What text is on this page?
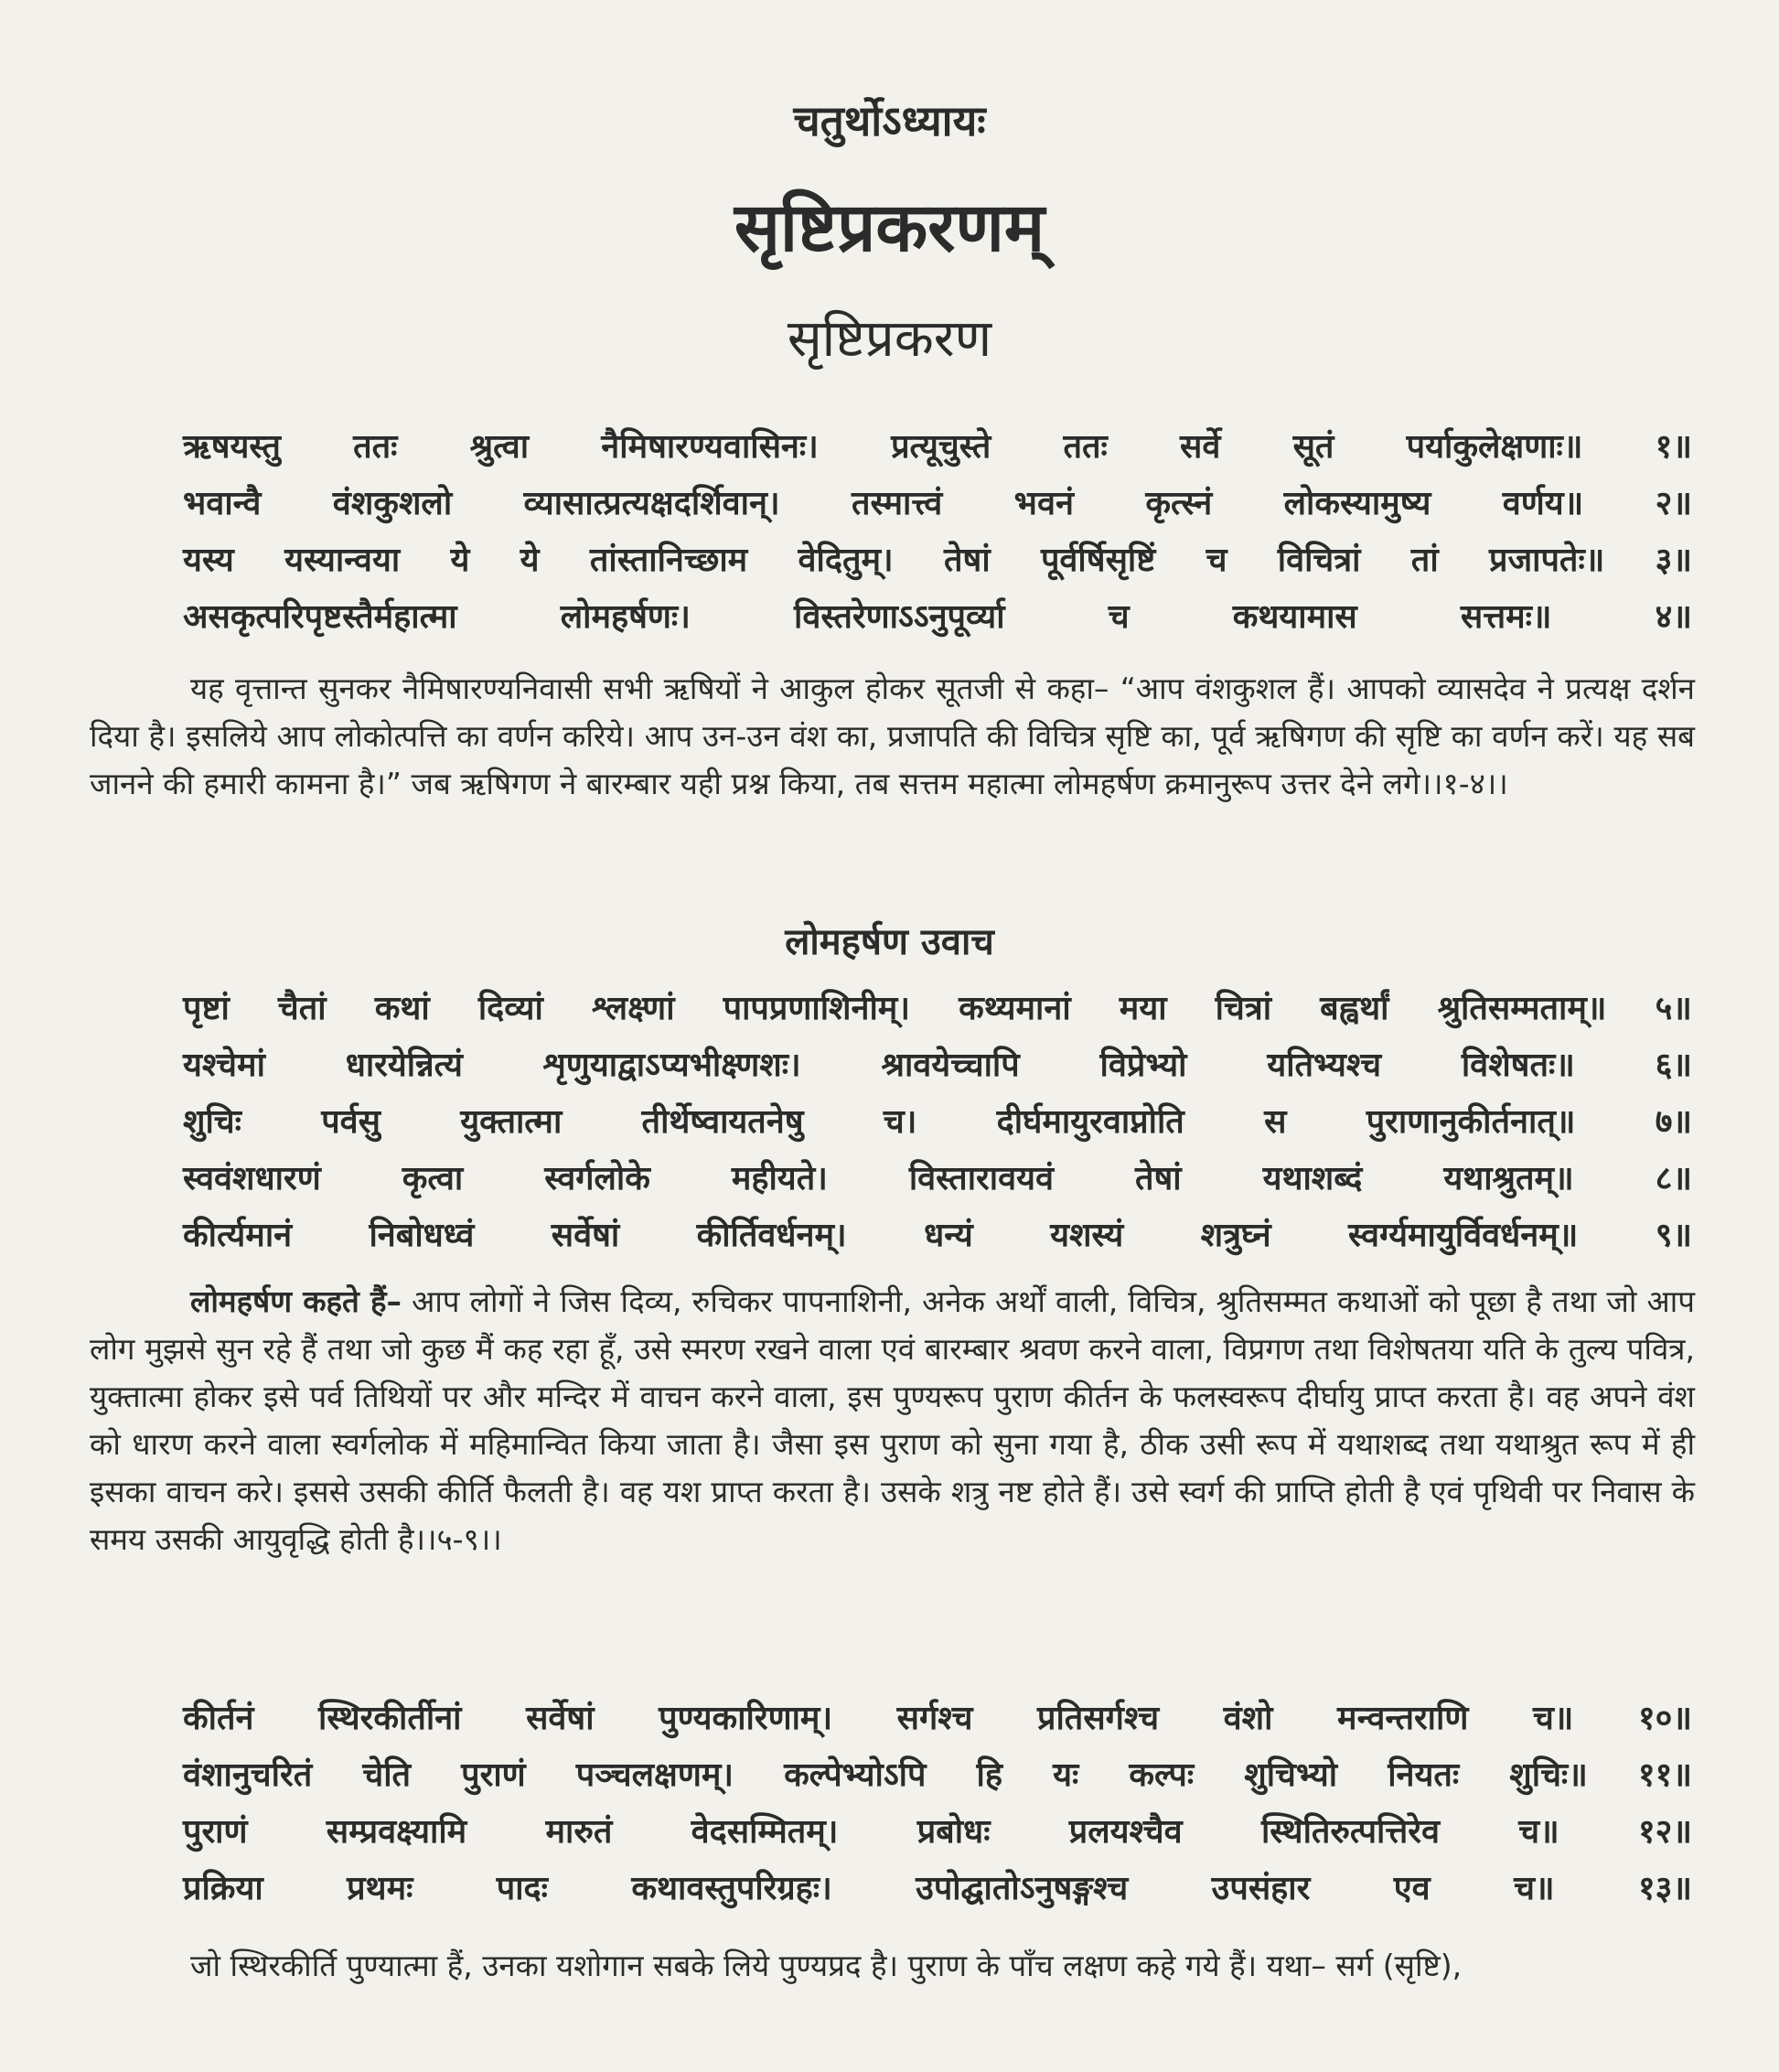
चतुर्थोऽध्यायः
सृष्टिप्रकरणम्
सृष्टिप्रकरण
ऋषयस्तु ततः श्रुत्वा नैमिषारण्यवासिनः। प्रत्यूचुस्ते ततः सर्वे सूतं पर्याकुलेक्षणाः॥ १॥
भवान्वै वंशकुशलो व्यासात्प्रत्यक्षदर्शिवान्। तस्मात्त्वं भवनं कृत्स्नं लोकस्यामुष्य वर्णय॥ २॥
यस्य यस्यान्वया ये ये तांस्तानिच्छाम वेदितुम्। तेषां पूर्वर्षिसृष्टिं च विचित्रां तां प्रजापतेः॥ ३॥
असकृत्परिपृष्टस्तैर्महात्मा	लोमहर्षणः।	विस्तरेणाऽऽनुपूर्व्या	च	कथयामास	सत्तमः॥	४॥

यह वृत्तान्त सुनकर नैमिषारण्यनिवासी सभी ऋषियों ने आकुल होकर सूतजी से कहा– “आप वंशकुशल हैं। आपको व्यासदेव ने प्रत्यक्ष दर्शन दिया है। इसलिये आप लोकोत्पत्ति का वर्णन करिये। आप उन-उन वंश का, प्रजापति की विचित्र सृष्टि का, पूर्व ऋषिगण की सृष्टि का वर्णन करें। यह सब जानने की हमारी कामना है।” जब ऋषिगण ने बारम्बार यही प्रश्न किया, तब सत्तम महात्मा लोमहर्षण क्रमानुरूप उत्तर देने लगे।।१-४।।

लोमहर्षण उवाच
पृष्टां चैतां कथां दिव्यां श्लक्ष्णां पापप्रणाशिनीम्। कथ्यमानां मया चित्रां बह्वर्थां श्रुतिसम्मताम्॥ ५॥
यश्चेमां धारयेन्नित्यं शृणुयाद्वाऽप्यभीक्ष्णशः। श्रावयेच्चापि विप्रेभ्यो यतिभ्यश्च विशेषतः॥ ६॥
शुचिः पर्वसु युक्तात्मा तीर्थेष्वायतनेषु च। दीर्घमायुरवाप्नोति स पुराणानुकीर्तनात्॥ ७॥
स्ववंशधारणं कृत्वा स्वर्गलोके महीयते। विस्तारावयवं तेषां यथाशब्दं यथाश्रुतम्॥ ८॥
कीर्त्यमानं निबोधध्वं सर्वेषां कीर्तिवर्धनम्। धन्यं यशस्यं शत्रुघ्नं स्वर्ग्यमायुर्विवर्धनम्॥ ९॥

लोमहर्षण कहते हैं– आप लोगों ने जिस दिव्य, रुचिकर पापनाशिनी, अनेक अर्थों वाली, विचित्र, श्रुतिसम्मत कथाओं को पूछा है तथा जो आप लोग मुझसे सुन रहे हैं तथा जो कुछ मैं कह रहा हूँ, उसे स्मरण रखने वाला एवं बारम्बार श्रवण करने वाला, विप्रगण तथा विशेषतया यति के तुल्य पवित्र, युक्तात्मा होकर इसे पर्व तिथियों पर और मन्दिर में वाचन करने वाला, इस पुण्यरूप पुराण कीर्तन के फलस्वरूप दीर्घायु प्राप्त करता है। वह अपने वंश को धारण करने वाला स्वर्गलोक में महिमान्वित किया जाता है। जैसा इस पुराण को सुना गया है, ठीक उसी रूप में यथाशब्द तथा यथाश्रुत रूप में ही इसका वाचन करे। इससे उसकी कीर्ति फैलती है। वह यश प्राप्त करता है। उसके शत्रु नष्ट होते हैं। उसे स्वर्ग की प्राप्ति होती है एवं पृथिवी पर निवास के समय उसकी आयुवृद्धि होती है।।५-९।।

कीर्तनं स्थिरकीर्तीनां सर्वेषां पुण्यकारिणाम्। सर्गश्च प्रतिसर्गश्च वंशो मन्वन्तराणि च॥ १०॥
वंशानुचरितं चेति पुराणं पञ्चलक्षणम्। कल्पेभ्योऽपि हि यः कल्पः शुचिभ्यो नियतः शुचिः॥ ११॥
पुराणं सम्प्रवक्ष्यामि मारुतं वेदसम्मितम्। प्रबोधः प्रलयश्चैव स्थितिरुत्पत्तिरेव च॥ १२॥
प्रक्रिया	प्रथमः	पादः	कथावस्तुपरिग्रहः।	उपोद्घातोऽनुषङ्गश्च	उपसंहार	एव	च॥	१३॥

जो स्थिरकीर्ति पुण्यात्मा हैं, उनका यशोगान सबके लिये पुण्यप्रद है। पुराण के पाँच लक्षण कहे गये हैं। यथा– सर्ग (सृष्टि),
